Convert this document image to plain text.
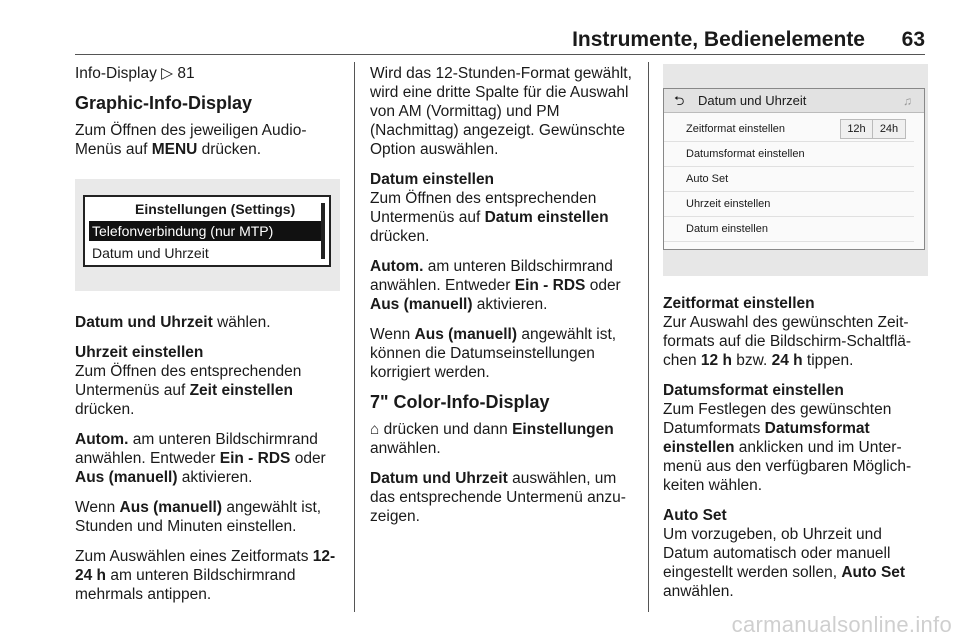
Instrumente, Bedienelemente 63

Info-Display ▷ 81

Graphic-Info-Display

Zum Öffnen des jeweiligen Audio-Menüs auf MENU drücken.

Einstellungen (Settings)
Telefonverbindung (nur MTP)
Datum und Uhrzeit

Datum und Uhrzeit wählen.

Uhrzeit einstellen
Zum Öffnen des entsprechenden Untermenüs auf Zeit einstellen drücken.

Autom. am unteren Bildschirmrand anwählen. Entweder Ein - RDS oder Aus (manuell) aktivieren.

Wenn Aus (manuell) angewählt ist, Stunden und Minuten einstellen.

Zum Auswählen eines Zeitformats 12-24 h am unteren Bildschirmrand mehrmals antippen.

Wird das 12-Stunden-Format gewählt, wird eine dritte Spalte für die Auswahl von AM (Vormittag) und PM (Nachmittag) angezeigt. Gewünschte Option auswählen.

Datum einstellen
Zum Öffnen des entsprechenden Untermenüs auf Datum einstellen drücken.

Autom. am unteren Bildschirmrand anwählen. Entweder Ein - RDS oder Aus (manuell) aktivieren.

Wenn Aus (manuell) angewählt ist, können die Datumseinstellungen korrigiert werden.

7" Color-Info-Display

⌂ drücken und dann Einstellungen anwählen.

Datum und Uhrzeit auswählen, um das entsprechende Untermenü anzu-zeigen.

⮌ Datum und Uhrzeit	♫
Zeitformat einstellen	12h	24h
Datumsformat einstellen
Auto Set
Uhrzeit einstellen
Datum einstellen

Zeitformat einstellen
Zur Auswahl des gewünschten Zeit-formats auf die Bildschirm-Schaltflä-chen 12 h bzw. 24 h tippen.

Datumsformat einstellen
Zum Festlegen des gewünschten Datumformats Datumsformat einstellen anklicken und im Unter-menü aus den verfügbaren Möglich-keiten wählen.

Auto Set
Um vorzugeben, ob Uhrzeit und Datum automatisch oder manuell eingestellt werden sollen, Auto Set anwählen.

carmanualsonline.info
